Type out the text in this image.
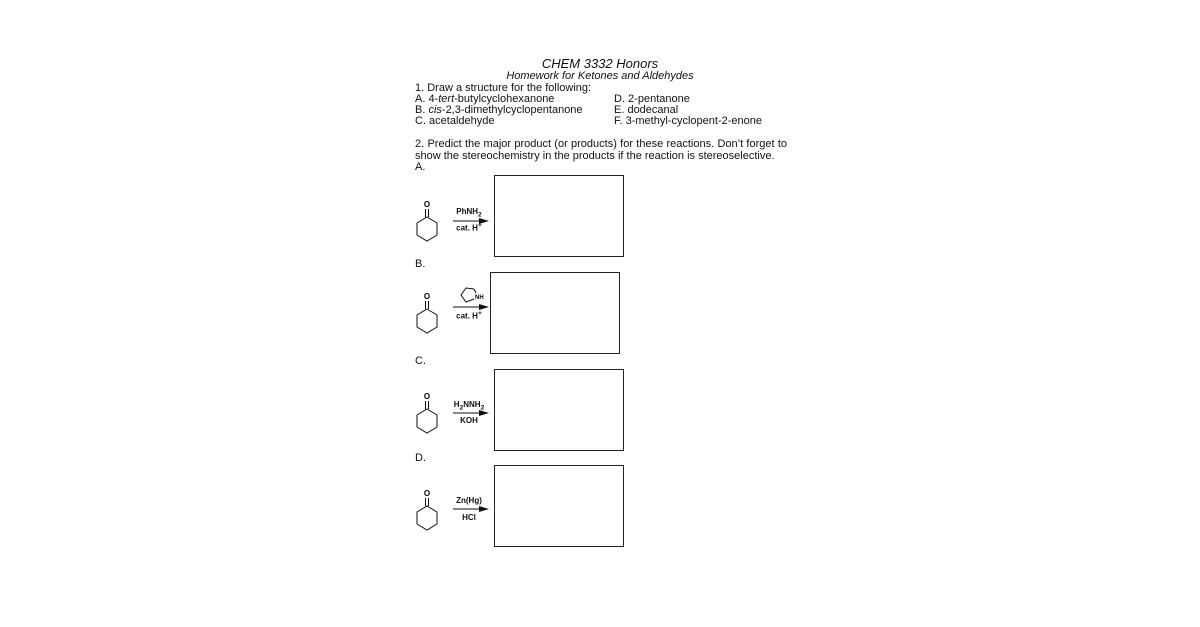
CHEM 3332 Honors
Homework for Ketones and Aldehydes
1. Draw a structure for the following:
A. 4-tert-butylcyclohexanone
B. cis-2,3-dimethylcyclopentanone
C. acetaldehyde
D. 2-pentanone
E. dodecanal
F. 3-methyl-cyclopent-2-enone
2. Predict the major product (or products) for these reactions. Don’t forget to show the stereochemistry in the products if the reaction is stereoselective.
A.
O
PhNH$_2$
cat. H+
B.
O	NH
cat. H+
C.
O
$H_2NNH_2$
KOH
D.
O
Zn(Hg)
HCl
